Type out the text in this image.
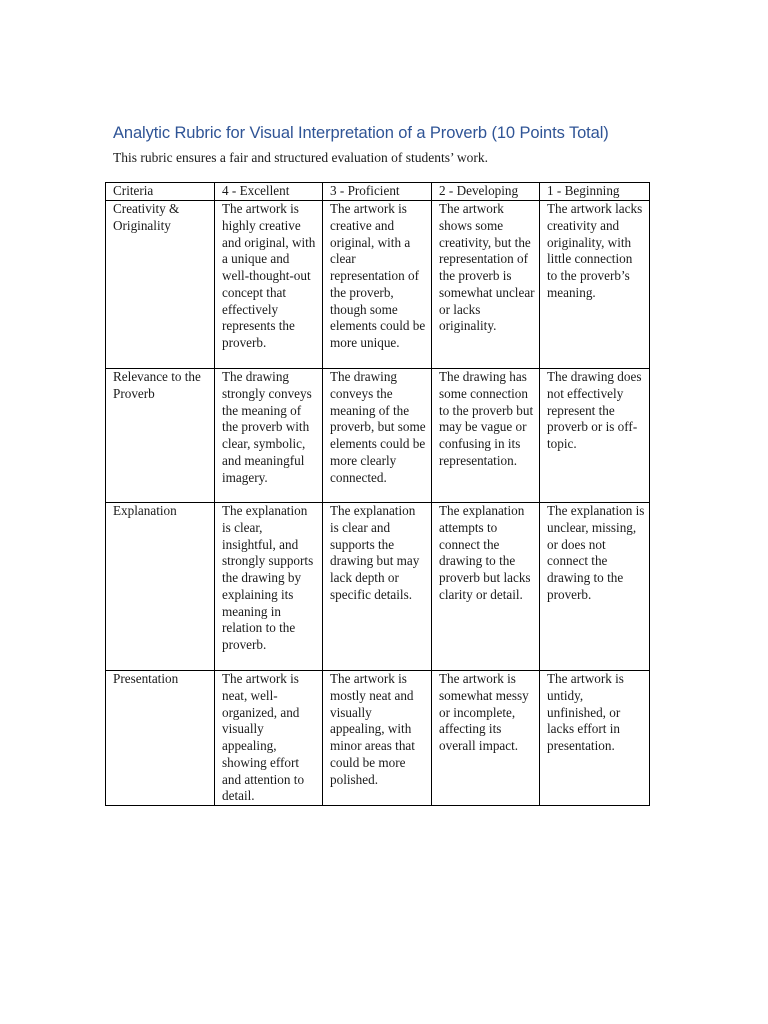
Analytic Rubric for Visual Interpretation of a Proverb (10 Points Total)
This rubric ensures a fair and structured evaluation of students’ work.
Criteria	4 - Excellent	3 - Proficient	2 - Developing	1 - Beginning
Creativity & Originality	The artwork is highly creative and original, with a unique and well-thought-out concept that effectively represents the proverb.	The artwork is creative and original, with a clear representation of the proverb, though some elements could be more unique.	The artwork shows some creativity, but the representation of the proverb is somewhat unclear or lacks originality.	The artwork lacks creativity and originality, with little connection to the proverb’s meaning.
Relevance to the Proverb	The drawing strongly conveys the meaning of the proverb with clear, symbolic, and meaningful imagery.	The drawing conveys the meaning of the proverb, but some elements could be more clearly connected.	The drawing has some connection to the proverb but may be vague or confusing in its representation.	The drawing does not effectively represent the proverb or is off-topic.
Explanation	The explanation is clear, insightful, and strongly supports the drawing by explaining its meaning in relation to the proverb.	The explanation is clear and supports the drawing but may lack depth or specific details.	The explanation attempts to connect the drawing to the proverb but lacks clarity or detail.	The explanation is unclear, missing, or does not connect the drawing to the proverb.
Presentation	The artwork is neat, well-organized, and visually appealing, showing effort and attention to detail.	The artwork is mostly neat and visually appealing, with minor areas that could be more polished.	The artwork is somewhat messy or incomplete, affecting its overall impact.	The artwork is untidy, unfinished, or lacks effort in presentation.
